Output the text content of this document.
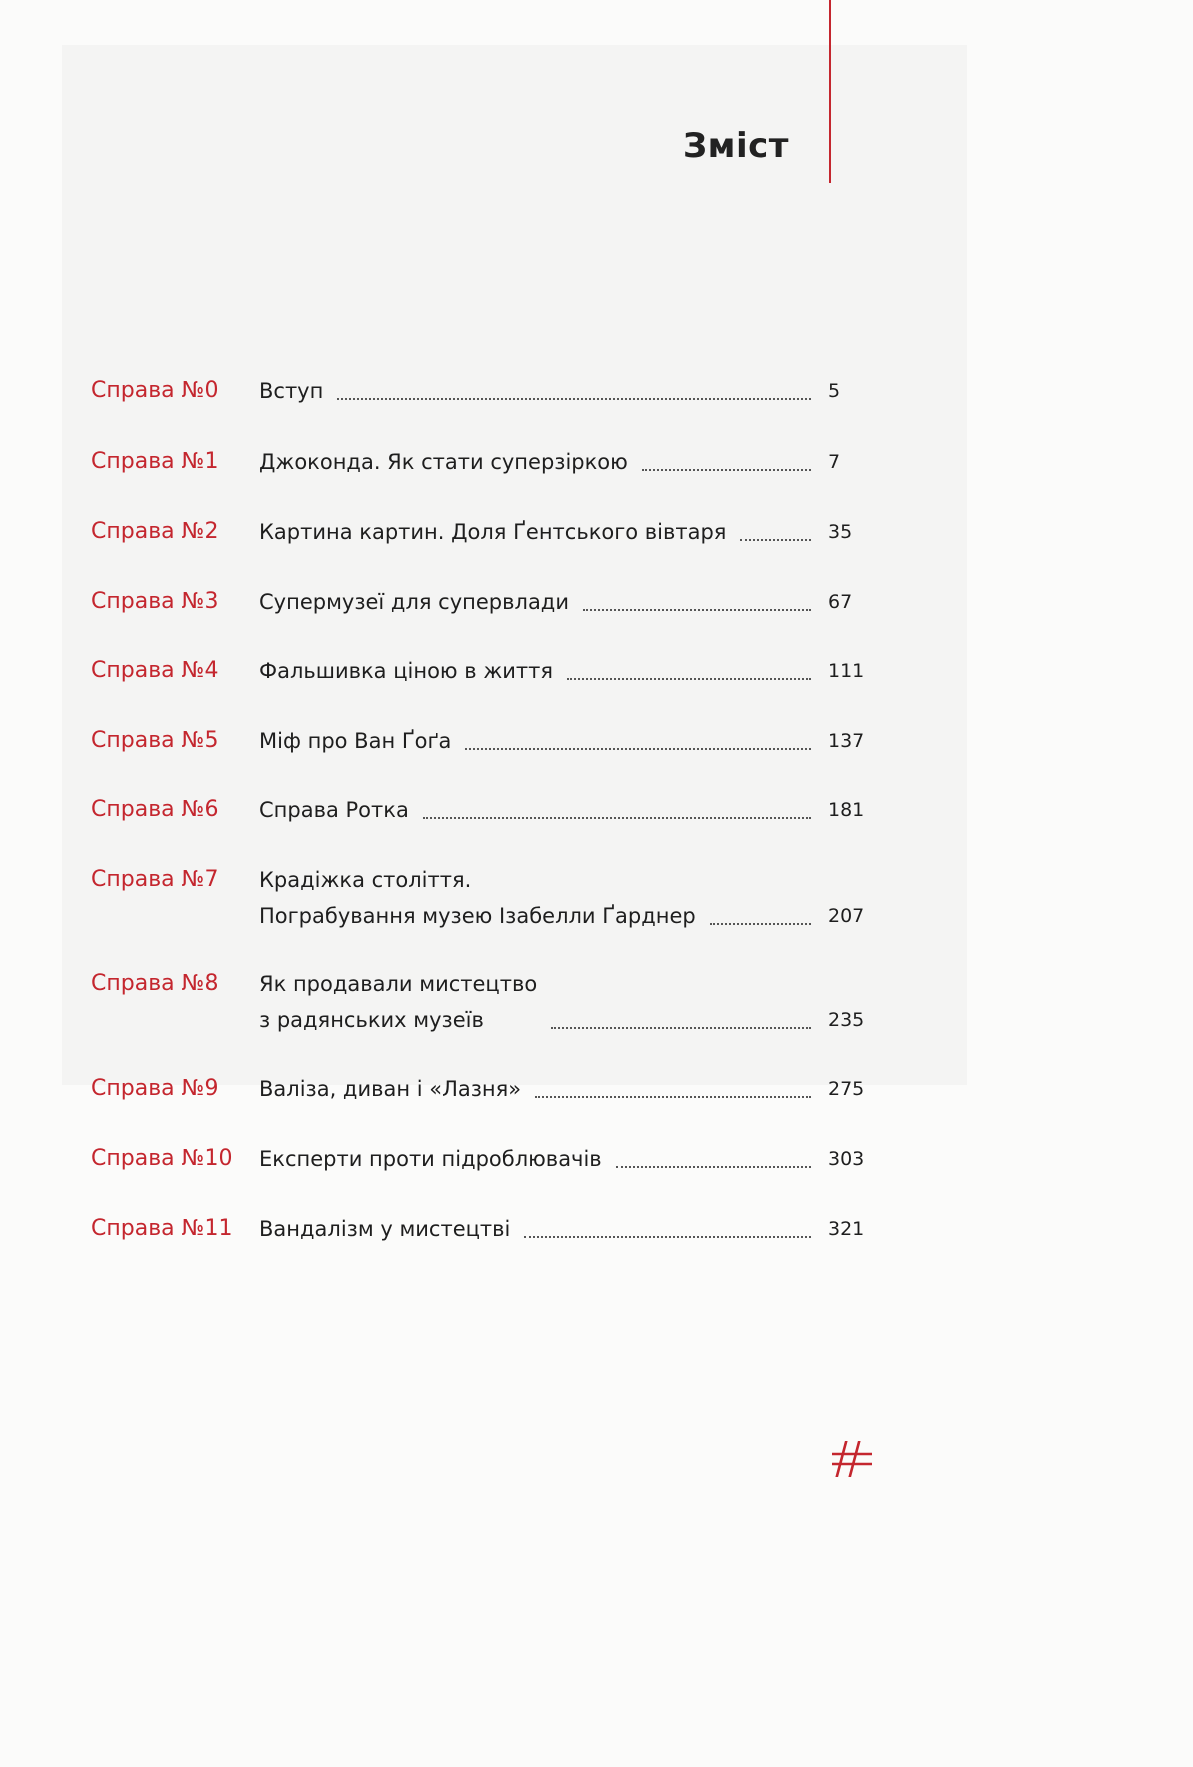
Зміст
Справа №0 Вступ	5
Справа №1 Джоконда. Як стати суперзіркою	7
Справа №2 Картина картин. Доля Ґентського вівтаря	35
Справа №3 Супермузеї для супервлади	67
Справа №4 Фальшивка ціною в життя	111
Справа №5 Міф про Ван Ґоґа	137
Справа №6 Справа Ротка	181
Справа №7 Крадіжка століття.
Пограбування музею Ізабелли Ґарднер	207
Справа №8 Як продавали мистецтво
з радянських музеїв	235
Справа №9 Валіза, диван і «Лазня»	275
Справа №10 Експерти проти підроблювачів	303
Справа №11 Вандалізм у мистецтві	321
